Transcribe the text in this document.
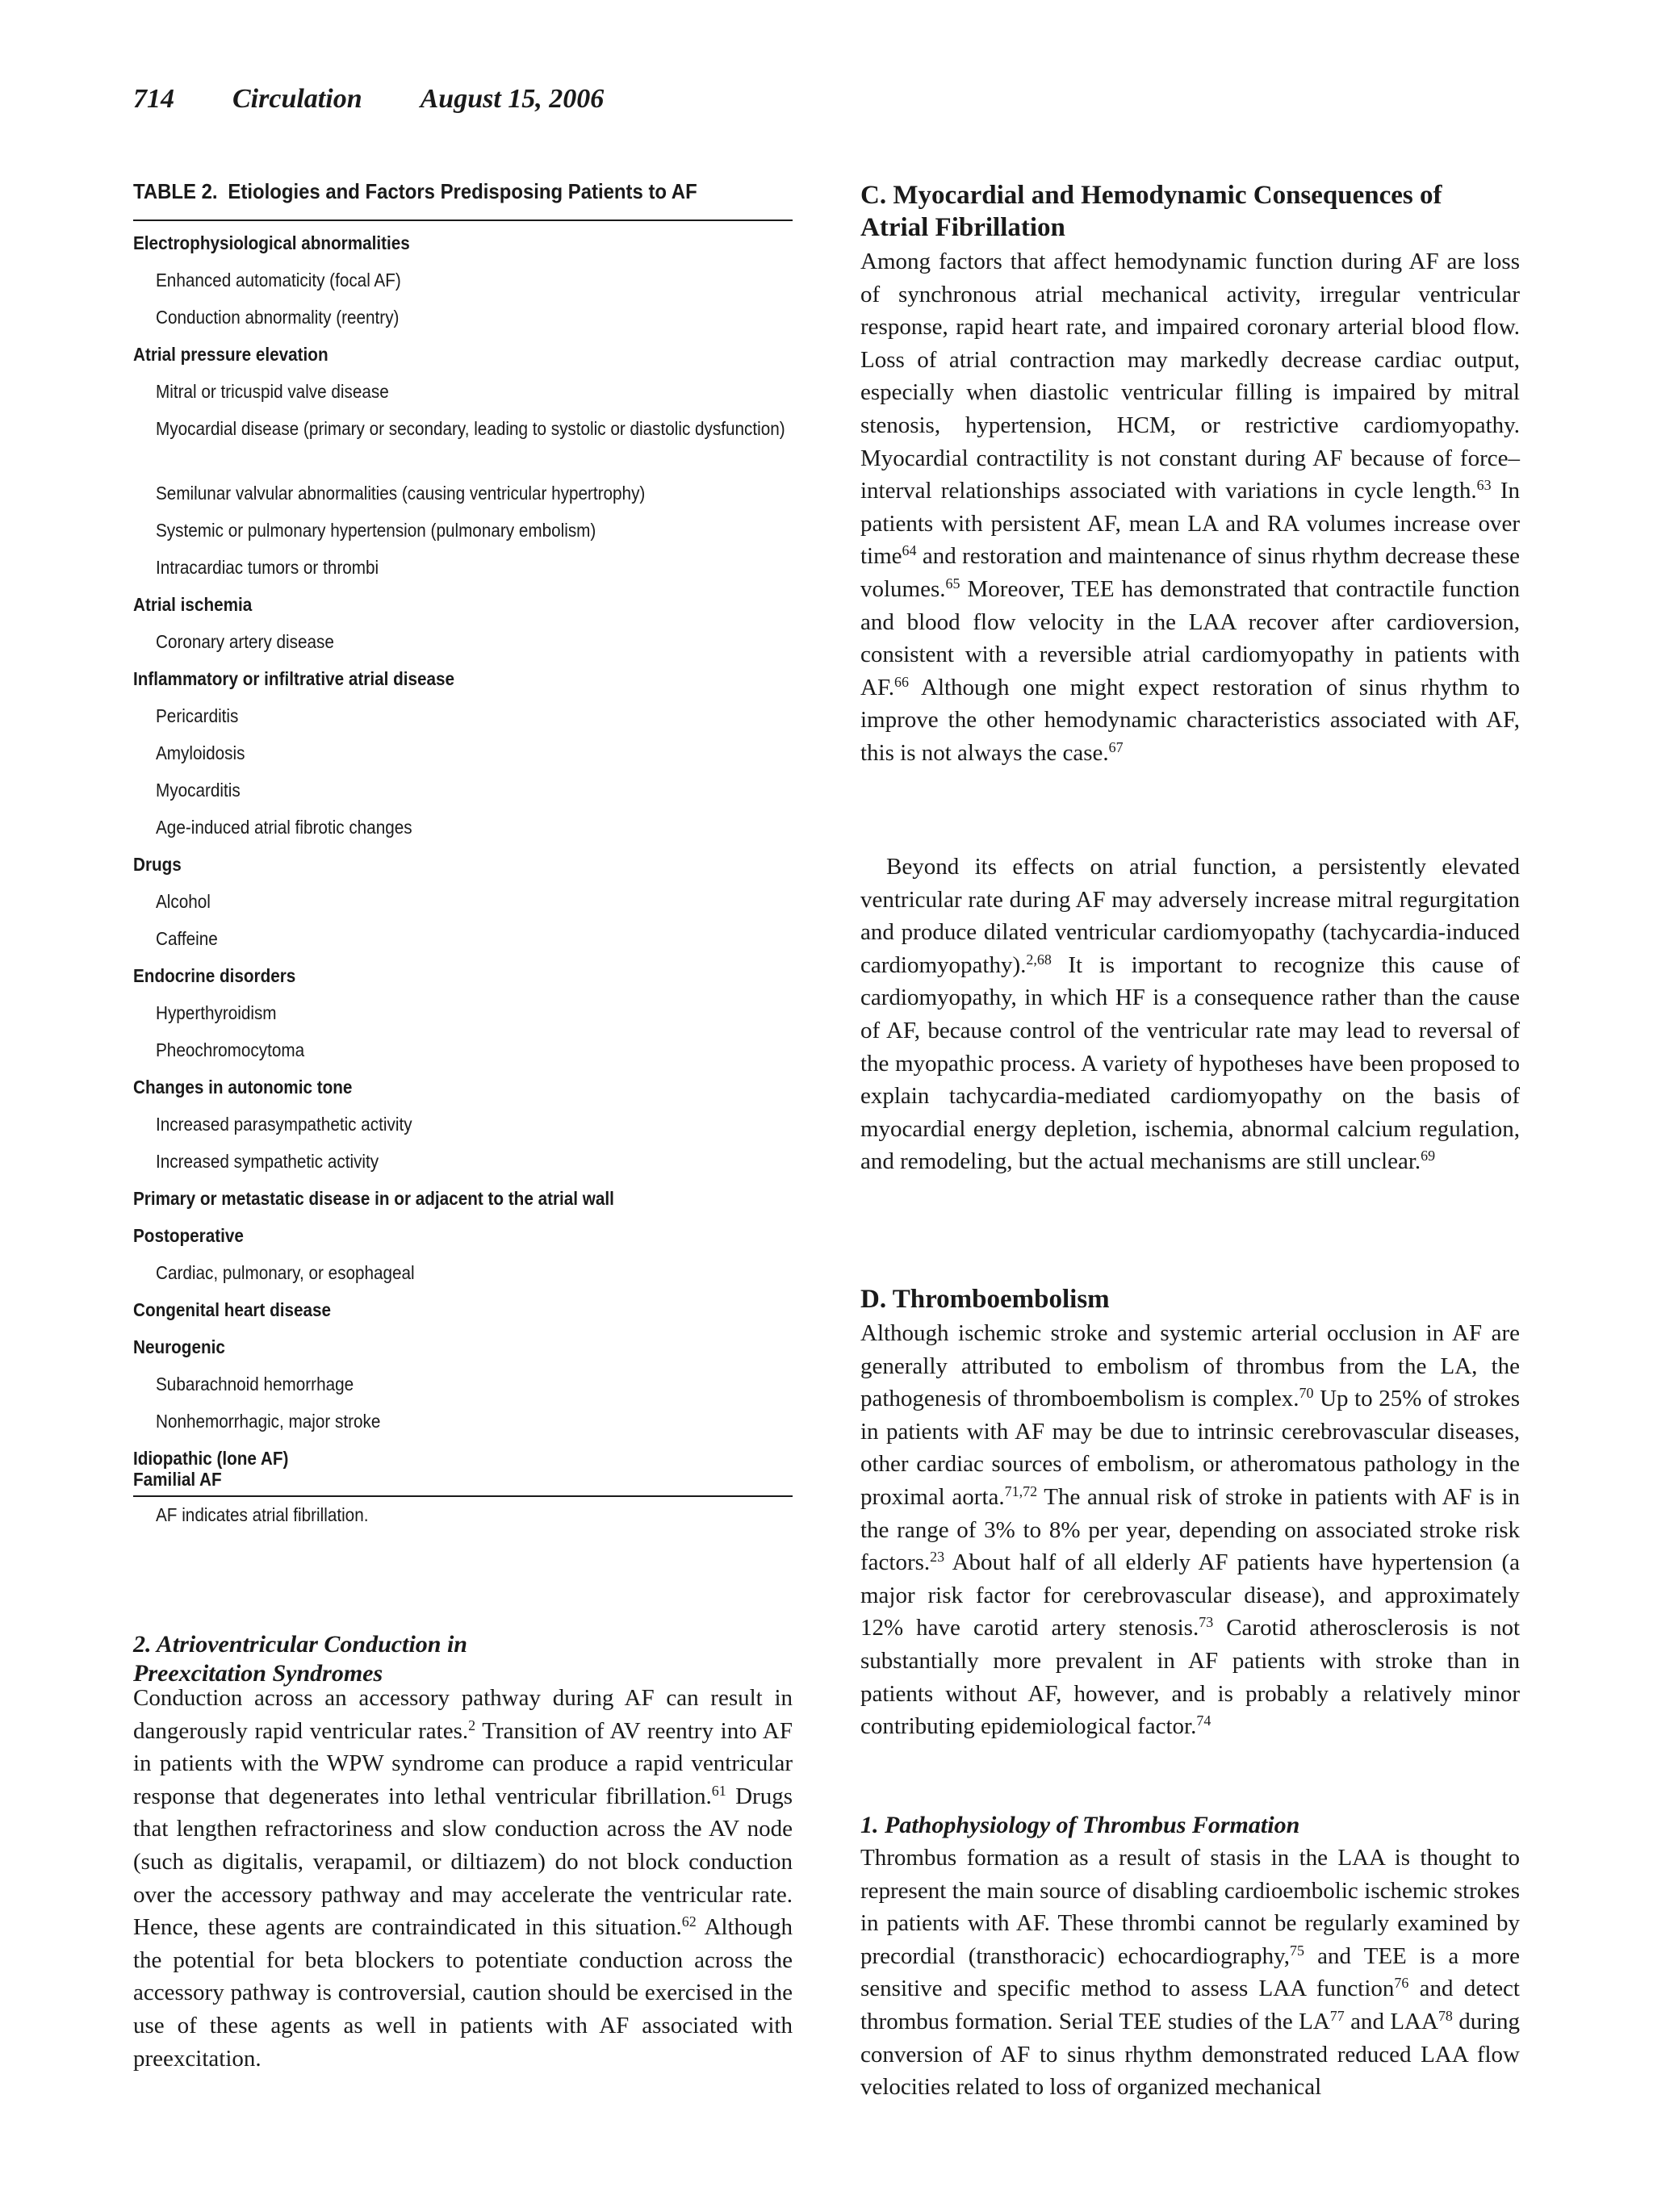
714 Circulation August 15, 2006
TABLE 2. Etiologies and Factors Predisposing Patients to AF
Electrophysiological abnormalities
Enhanced automaticity (focal AF)
Conduction abnormality (reentry)
Atrial pressure elevation
Mitral or tricuspid valve disease
Myocardial disease (primary or secondary, leading to systolic or diastolic dysfunction)
Semilunar valvular abnormalities (causing ventricular hypertrophy)
Systemic or pulmonary hypertension (pulmonary embolism)
Intracardiac tumors or thrombi
Atrial ischemia
Coronary artery disease
Inflammatory or infiltrative atrial disease
Pericarditis
Amyloidosis
Myocarditis
Age-induced atrial fibrotic changes
Drugs
Alcohol
Caffeine
Endocrine disorders
Hyperthyroidism
Pheochromocytoma
Changes in autonomic tone
Increased parasympathetic activity
Increased sympathetic activity
Primary or metastatic disease in or adjacent to the atrial wall
Postoperative
Cardiac, pulmonary, or esophageal
Congenital heart disease
Neurogenic
Subarachnoid hemorrhage
Nonhemorrhagic, major stroke
Idiopathic (lone AF)
Familial AF
AF indicates atrial fibrillation.
2. Atrioventricular Conduction in
Preexcitation Syndromes

Conduction across an accessory pathway during AF can result in dangerously rapid ventricular rates.$^2$ Transition of AV reentry into AF in patients with the WPW syndrome can produce a rapid ventricular response that degenerates into lethal ventricular fibrillation.$^{61}$ Drugs that lengthen refractoriness and slow conduction across the AV node (such as digitalis, verapamil, or diltiazem) do not block conduction over the accessory pathway and may accelerate the ventricular rate. Hence, these agents are contraindicated in this situation.$^{62}$ Although the potential for beta blockers to potentiate conduction across the accessory pathway is controversial, caution should be exercised in the use of these agents as well in patients with AF associated with preexcitation.

C. Myocardial and Hemodynamic Consequences of
Atrial Fibrillation

Among factors that affect hemodynamic function during AF are loss of synchronous atrial mechanical activity, irregular ventricular response, rapid heart rate, and impaired coronary arterial blood flow. Loss of atrial contraction may markedly decrease cardiac output, especially when diastolic ventricular filling is impaired by mitral stenosis, hypertension, HCM, or restrictive cardiomyopathy. Myocardial contractility is not constant during AF because of force–interval relationships associated with variations in cycle length.$^{63}$ In patients with persistent AF, mean LA and RA volumes increase over time$^{64}$ and restoration and maintenance of sinus rhythm decrease these volumes.$^{65}$ Moreover, TEE has demonstrated that contractile function and blood flow velocity in the LAA recover after cardioversion, consistent with a reversible atrial cardiomyopathy in patients with AF.$^{66}$ Although one might expect restoration of sinus rhythm to improve the other hemodynamic characteristics associated with AF, this is not always the case.$^{67}$

Beyond its effects on atrial function, a persistently elevated ventricular rate during AF may adversely increase mitral regurgitation and produce dilated ventricular cardiomyopathy (tachycardia-induced cardiomyopathy).$^{2,68}$ It is important to recognize this cause of cardiomyopathy, in which HF is a consequence rather than the cause of AF, because control of the ventricular rate may lead to reversal of the myopathic process. A variety of hypotheses have been proposed to explain tachycardia-mediated cardiomyopathy on the basis of myocardial energy depletion, ischemia, abnormal calcium regulation, and remodeling, but the actual mechanisms are still unclear.$^{69}$

D. Thromboembolism

Although ischemic stroke and systemic arterial occlusion in AF are generally attributed to embolism of thrombus from the LA, the pathogenesis of thromboembolism is complex.$^{70}$ Up to 25% of strokes in patients with AF may be due to intrinsic cerebrovascular diseases, other cardiac sources of embolism, or atheromatous pathology in the proximal aorta.$^{71,72}$ The annual risk of stroke in patients with AF is in the range of 3% to 8% per year, depending on associated stroke risk factors.$^{23}$ About half of all elderly AF patients have hypertension (a major risk factor for cerebrovascular disease), and approximately 12% have carotid artery stenosis.$^{73}$ Carotid atherosclerosis is not substantially more prevalent in AF patients with stroke than in patients without AF, however, and is probably a relatively minor contributing epidemiological factor.$^{74}$

1. Pathophysiology of Thrombus Formation

Thrombus formation as a result of stasis in the LAA is thought to represent the main source of disabling cardioembolic ischemic strokes in patients with AF. These thrombi cannot be regularly examined by precordial (transthoracic) echocardiography,$^{75}$ and TEE is a more sensitive and specific method to assess LAA function$^{76}$ and detect thrombus formation. Serial TEE studies of the LA$^{77}$ and LAA$^{78}$ during conversion of AF to sinus rhythm demonstrated reduced LAA flow velocities related to loss of organized mechanical
